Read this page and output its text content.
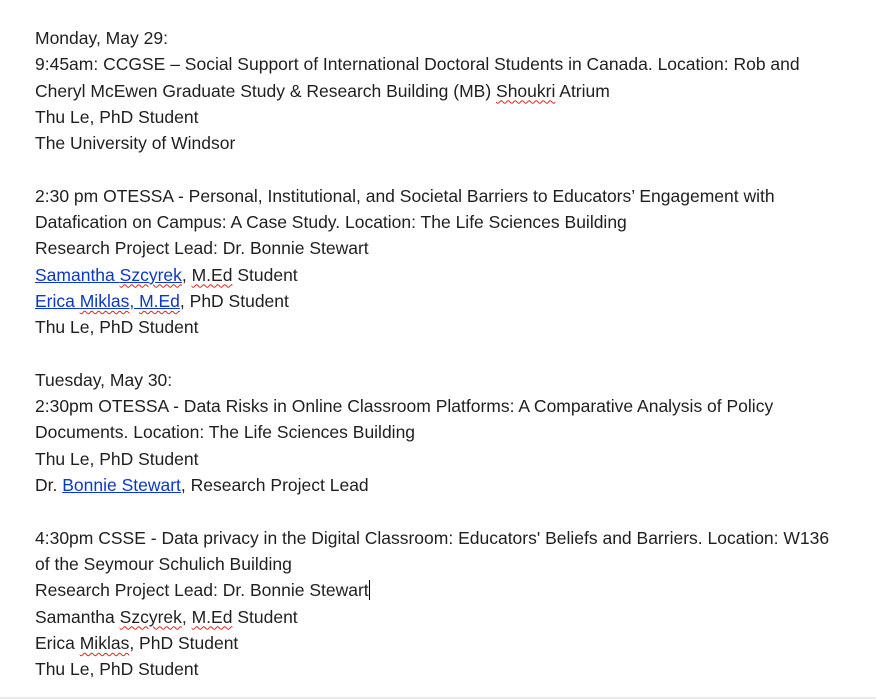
Monday, May 29:
9:45am: CCGSE – Social Support of International Doctoral Students in Canada. Location: Rob and
Cheryl McEwen Graduate Study & Research Building (MB) Shoukri Atrium
Thu Le, PhD Student
The University of Windsor
2:30 pm OTESSA - Personal, Institutional, and Societal Barriers to Educators’ Engagement with
Datafication on Campus: A Case Study. Location: The Life Sciences Building
Research Project Lead: Dr. Bonnie Stewart
Samantha Szcyrek, M.Ed Student
Erica Miklas, M.Ed, PhD Student
Thu Le, PhD Student
Tuesday, May 30:
2:30pm OTESSA - Data Risks in Online Classroom Platforms: A Comparative Analysis of Policy
Documents. Location: The Life Sciences Building
Thu Le, PhD Student
Dr. Bonnie Stewart, Research Project Lead
4:30pm CSSE - Data privacy in the Digital Classroom: Educators' Beliefs and Barriers. Location: W136
of the Seymour Schulich Building
Research Project Lead: Dr. Bonnie Stewart
Samantha Szcyrek, M.Ed Student
Erica Miklas, PhD Student
Thu Le, PhD Student
